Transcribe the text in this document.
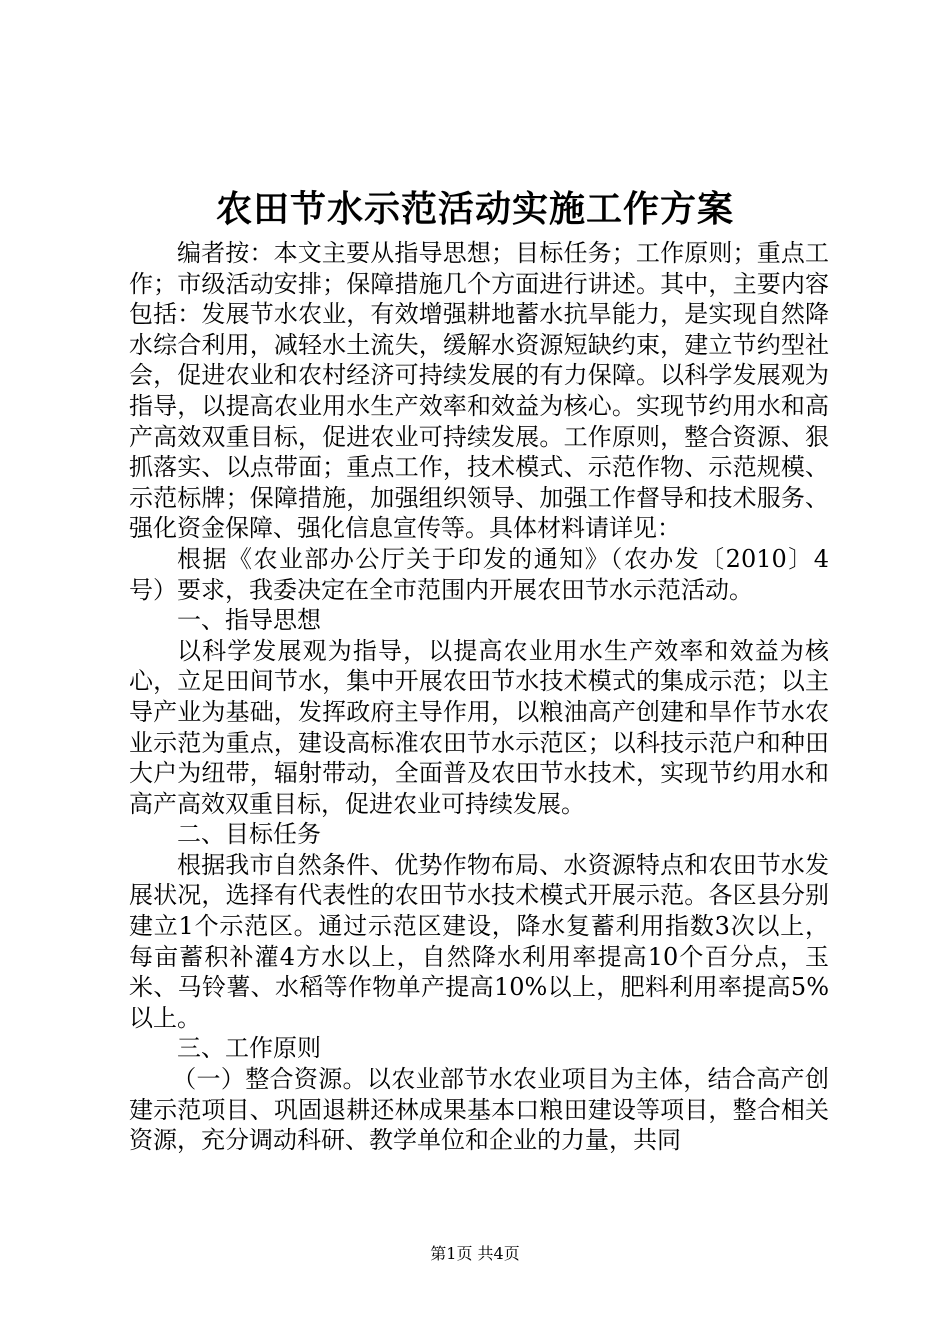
农田节水示范活动实施工作方案

编者按：本文主要从指导思想；目标任务；工作原则；重点工作；市级活动安排；保障措施几个方面进行讲述。其中，主要内容包括：发展节水农业，有效增强耕地蓄水抗旱能力，是实现自然降水综合利用，减轻水土流失，缓解水资源短缺约束，建立节约型社会，促进农业和农村经济可持续发展的有力保障。以科学发展观为指导，以提高农业用水生产效率和效益为核心。实现节约用水和高产高效双重目标，促进农业可持续发展。工作原则，整合资源、狠抓落实、以点带面；重点工作，技术模式、示范作物、示范规模、示范标牌；保障措施，加强组织领导、加强工作督导和技术服务、强化资金保障、强化信息宣传等。具体材料请详见：

根据《农业部办公厅关于印发的通知》（农办发〔2010〕4号）要求，我委决定在全市范围内开展农田节水示范活动。

一、指导思想

以科学发展观为指导，以提高农业用水生产效率和效益为核心，立足田间节水，集中开展农田节水技术模式的集成示范；以主导产业为基础，发挥政府主导作用，以粮油高产创建和旱作节水农业示范为重点，建设高标准农田节水示范区；以科技示范户和种田大户为纽带，辐射带动，全面普及农田节水技术，实现节约用水和高产高效双重目标，促进农业可持续发展。

二、目标任务

根据我市自然条件、优势作物布局、水资源特点和农田节水发展状况，选择有代表性的农田节水技术模式开展示范。各区县分别建立1个示范区。通过示范区建设，降水复蓄利用指数3次以上，每亩蓄积补灌4方水以上，自然降水利用率提高10个百分点，玉米、马铃薯、水稻等作物单产提高10%以上，肥料利用率提高5%以上。

三、工作原则

（一）整合资源。以农业部节水农业项目为主体，结合高产创建示范项目、巩固退耕还林成果基本口粮田建设等项目，整合相关资源，充分调动科研、教学单位和企业的力量，共同

第1页 共4页
